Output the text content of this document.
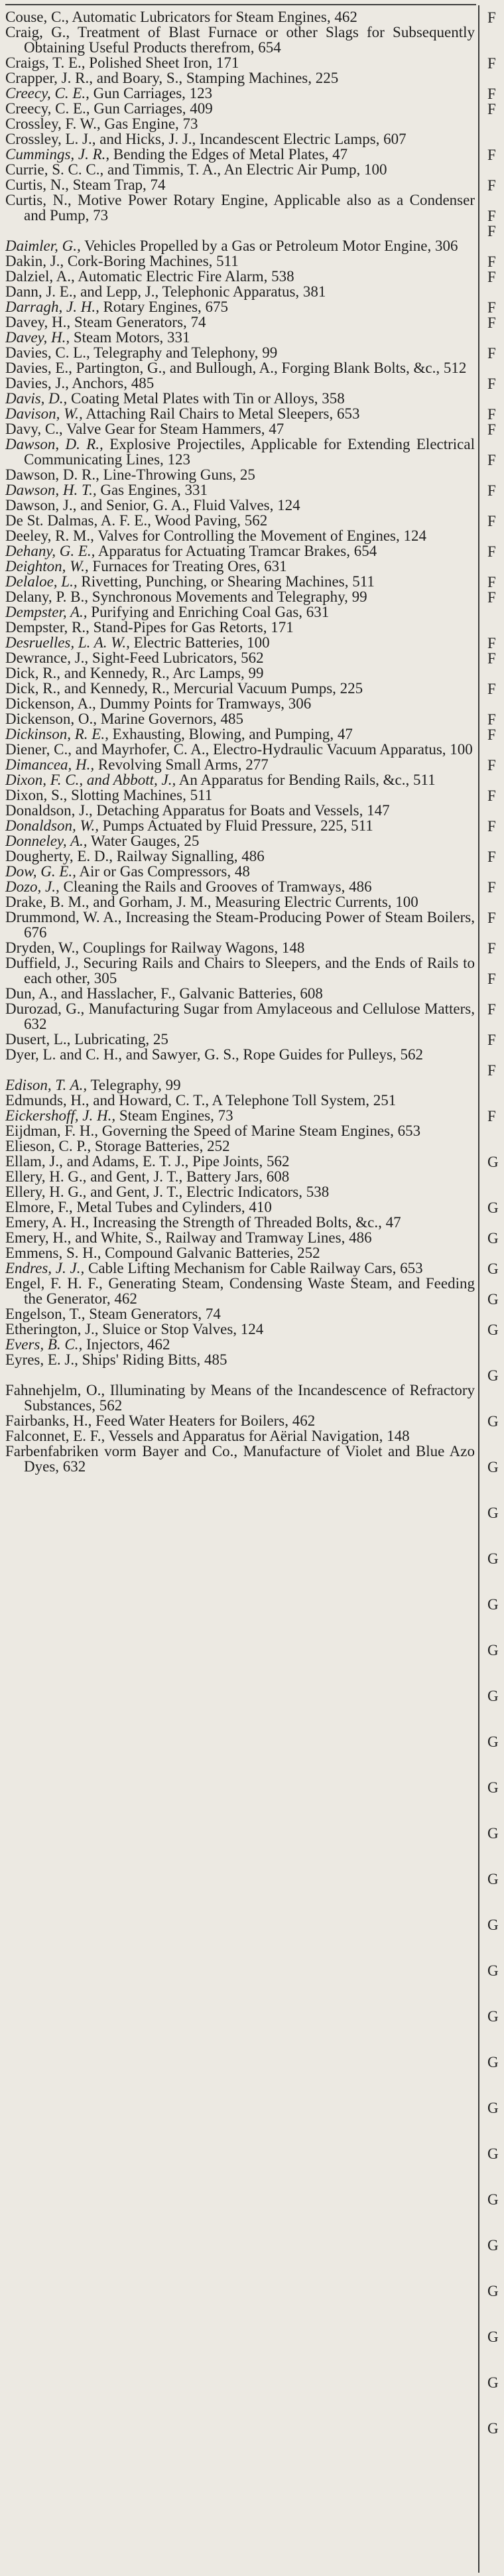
Couse, C., Automatic Lubricators for Steam Engines, 462
Craig, G., Treatment of Blast Furnace or other Slags for Subsequently Obtaining Useful Products therefrom, 654
Craigs, T. E., Polished Sheet Iron, 171
Crapper, J. R., and Boary, S., Stamping Machines, 225
Creecy, C. E., Gun Carriages, 123
Creecy, C. E., Gun Carriages, 409
Crossley, F. W., Gas Engine, 73
Crossley, L. J., and Hicks, J. J., Incandescent Electric Lamps, 607
Cummings, J. R., Bending the Edges of Metal Plates, 47
Currie, S. C. C., and Timmis, T. A., An Electric Air Pump, 100
Curtis, N., Steam Trap, 74
Curtis, N., Motive Power Rotary Engine, Applicable also as a Condenser and Pump, 73
Daimler, G., Vehicles Propelled by a Gas or Petroleum Motor Engine, 306
Dakin, J., Cork-Boring Machines, 511
Dalziel, A., Automatic Electric Fire Alarm, 538
Dann, J. E., and Lepp, J., Telephonic Apparatus, 381
Darragh, J. H., Rotary Engines, 675
Davey, H., Steam Generators, 74
Davey, H., Steam Motors, 331
Davies, C. L., Telegraphy and Telephony, 99
Davies, E., Partington, G., and Bullough, A., Forging Blank Bolts, &c., 512
Davies, J., Anchors, 485
Davis, D., Coating Metal Plates with Tin or Alloys, 358
Davison, W., Attaching Rail Chairs to Metal Sleepers, 653
Davy, C., Valve Gear for Steam Hammers, 47
Dawson, D. R., Explosive Projectiles, Applicable for Extending Electrical Communicating Lines, 123
Dawson, D. R., Line-Throwing Guns, 25
Dawson, H. T., Gas Engines, 331
Dawson, J., and Senior, G. A., Fluid Valves, 124
De St. Dalmas, A. F. E., Wood Paving, 562
Deeley, R. M., Valves for Controlling the Movement of Engines, 124
Dehany, G. E., Apparatus for Actuating Tramcar Brakes, 654
Deighton, W., Furnaces for Treating Ores, 631
Delaloe, L., Rivetting, Punching, or Shearing Machines, 511
Delany, P. B., Synchronous Movements and Telegraphy, 99
Dempster, A., Purifying and Enriching Coal Gas, 631
Dempster, R., Stand-Pipes for Gas Retorts, 171
Desruelles, L. A. W., Electric Batteries, 100
Dewrance, J., Sight-Feed Lubricators, 562
Dick, R., and Kennedy, R., Arc Lamps, 99
Dick, R., and Kennedy, R., Mercurial Vacuum Pumps, 225
Dickenson, A., Dummy Points for Tramways, 306
Dickenson, O., Marine Governors, 485
Dickinson, R. E., Exhausting, Blowing, and Pumping, 47
Diener, C., and Mayrhofer, C. A., Electro-Hydraulic Vacuum Apparatus, 100
Dimancea, H., Revolving Small Arms, 277
Dixon, F. C., and Abbott, J., An Apparatus for Bending Rails, &c., 511
Dixon, S., Slotting Machines, 511
Donaldson, J., Detaching Apparatus for Boats and Vessels, 147
Donaldson, W., Pumps Actuated by Fluid Pressure, 225, 511
Donneley, A., Water Gauges, 25
Dougherty, E. D., Railway Signalling, 486
Dow, G. E., Air or Gas Compressors, 48
Dozo, J., Cleaning the Rails and Grooves of Tramways, 486
Drake, B. M., and Gorham, J. M., Measuring Electric Currents, 100
Drummond, W. A., Increasing the Steam-Producing Power of Steam Boilers, 676
Dryden, W., Couplings for Railway Wagons, 148
Duffield, J., Securing Rails and Chairs to Sleepers, and the Ends of Rails to each other, 305
Dun, A., and Hasslacher, F., Galvanic Batteries, 608
Durozad, G., Manufacturing Sugar from Amylaceous and Cellulose Matters, 632
Dusert, L., Lubricating, 25
Dyer, L. and C. H., and Sawyer, G. S., Rope Guides for Pulleys, 562
Edison, T. A., Telegraphy, 99
Edmunds, H., and Howard, C. T., A Telephone Toll System, 251
Eickershoff, J. H., Steam Engines, 73
Eijdman, F. H., Governing the Speed of Marine Steam Engines, 653
Elieson, C. P., Storage Batteries, 252
Ellam, J., and Adams, E. T. J., Pipe Joints, 562
Ellery, H. G., and Gent, J. T., Battery Jars, 608
Ellery, H. G., and Gent, J. T., Electric Indicators, 538
Elmore, F., Metal Tubes and Cylinders, 410
Emery, A. H., Increasing the Strength of Threaded Bolts, &c., 47
Emery, H., and White, S., Railway and Tramway Lines, 486
Emmens, S. H., Compound Galvanic Batteries, 252
Endres, J. J., Cable Lifting Mechanism for Cable Railway Cars, 653
Engel, F. H. F., Generating Steam, Condensing Waste Steam, and Feeding the Generator, 462
Engelson, T., Steam Generators, 74
Etherington, J., Sluice or Stop Valves, 124
Evers, B. C., Injectors, 462
Eyres, E. J., Ships' Riding Bitts, 485
Fahnehjelm, O., Illuminating by Means of the Incandescence of Refractory Substances, 562
Fairbanks, H., Feed Water Heaters for Boilers, 462
Falconnet, E. F., Vessels and Apparatus for Aërial Navigation, 148
Farbenfabriken vorm Bayer and Co., Manufacture of Violet and Blue Azo Dyes, 632
F
F
F
F
F
F
F
F
F
F
F
F
F
F
F
F
F
F
F
F
F
F
F
F
F
F
F
F
F
F
F
F
F
F
F
F
F
F
F
G
G
G
G
G
G
G
G
G
G
G
G
G
G
G
G
G
G
G
G
G
G
G
G
G
G
G
G
G
G
